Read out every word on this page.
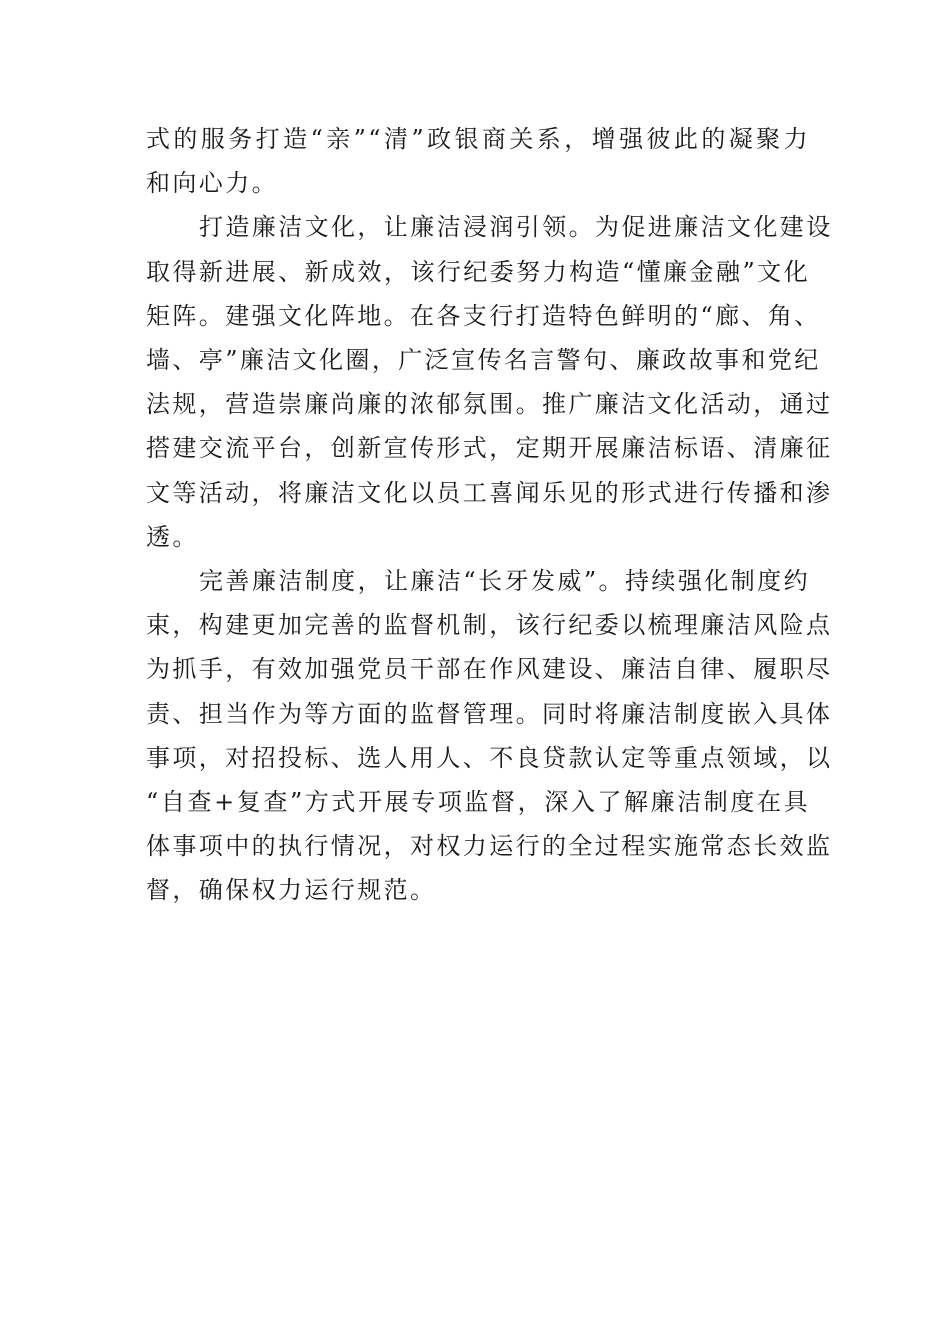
式的服务打造“亲”“清”政银商关系，增强彼此的凝聚力
和向心力。
打造廉洁文化，让廉洁浸润引领。为促进廉洁文化建设
取得新进展、新成效，该行纪委努力构造“懂廉金融”文化
矩阵。建强文化阵地。在各支行打造特色鲜明的“廊、角、
墙、亭”廉洁文化圈，广泛宣传名言警句、廉政故事和党纪
法规，营造崇廉尚廉的浓郁氛围。推广廉洁文化活动，通过
搭建交流平台，创新宣传形式，定期开展廉洁标语、清廉征
文等活动，将廉洁文化以员工喜闻乐见的形式进行传播和渗
透。
完善廉洁制度，让廉洁“长牙发威”。持续强化制度约
束，构建更加完善的监督机制，该行纪委以梳理廉洁风险点
为抓手，有效加强党员干部在作风建设、廉洁自律、履职尽
责、担当作为等方面的监督管理。同时将廉洁制度嵌入具体
事项，对招投标、选人用人、不良贷款认定等重点领域，以
“自查+复查”方式开展专项监督，深入了解廉洁制度在具
体事项中的执行情况，对权力运行的全过程实施常态长效监
督，确保权力运行规范。
